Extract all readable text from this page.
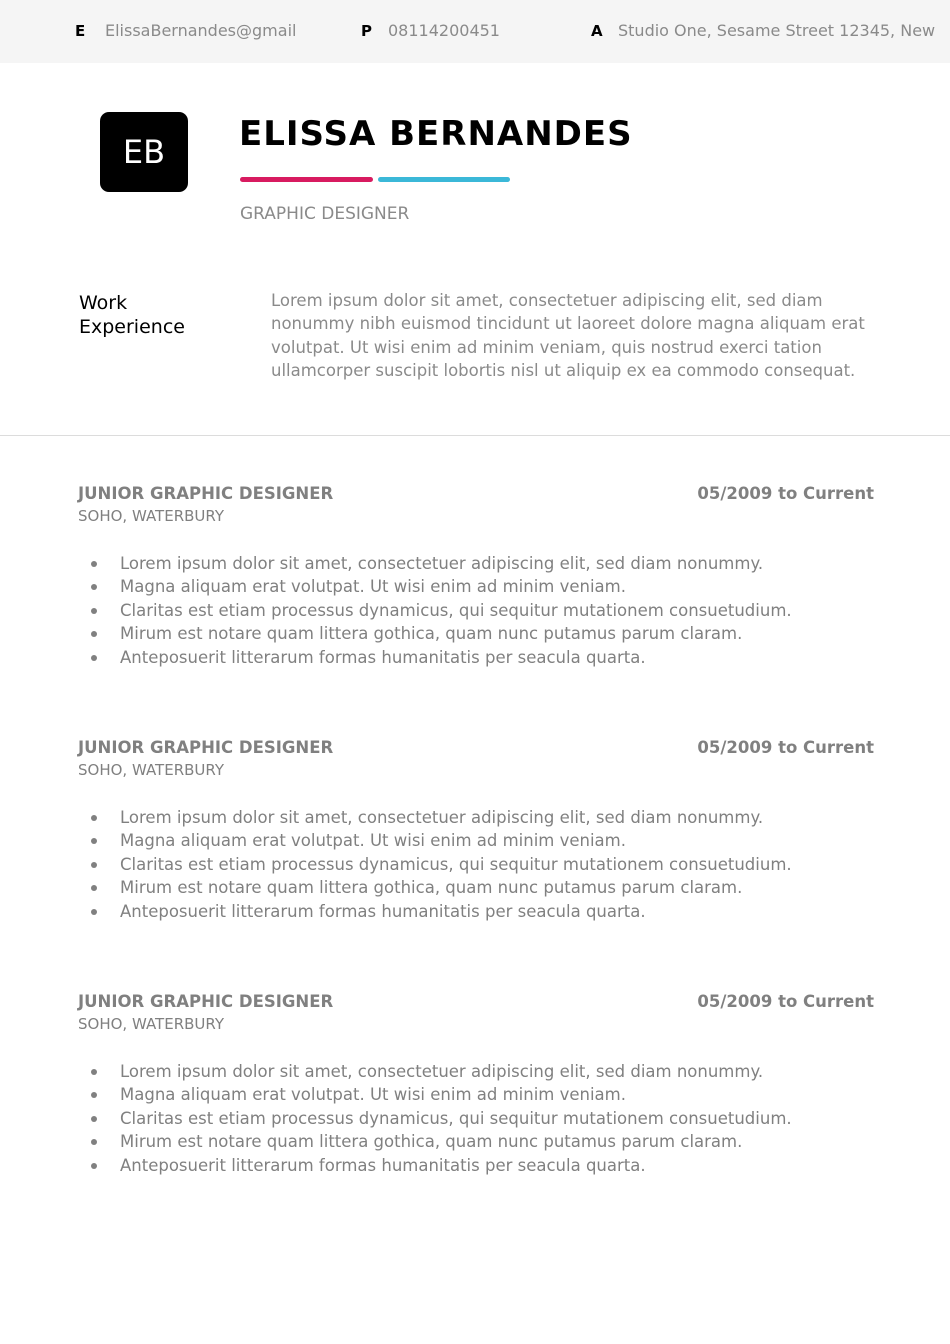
E ElissaBernandes@gmail	P 08114200451	A Studio One, Sesame Street 12345, New
EB	ELISSA BERNANDES
GRAPHIC DESIGNER
Work Experience
Lorem ipsum dolor sit amet, consectetuer adipiscing elit, sed diam nonummy nibh euismod tincidunt ut laoreet dolore magna aliquam erat volutpat. Ut wisi enim ad minim veniam, quis nostrud exerci tation ullamcorper suscipit lobortis nisl ut aliquip ex ea commodo consequat.
JUNIOR GRAPHIC DESIGNER	05/2009 to Current
SOHO, WATERBURY
Lorem ipsum dolor sit amet, consectetuer adipiscing elit, sed diam nonummy.
Magna aliquam erat volutpat. Ut wisi enim ad minim veniam.
Claritas est etiam processus dynamicus, qui sequitur mutationem consuetudium.
Mirum est notare quam littera gothica, quam nunc putamus parum claram.
Anteposuerit litterarum formas humanitatis per seacula quarta.
JUNIOR GRAPHIC DESIGNER	05/2009 to Current
SOHO, WATERBURY
Lorem ipsum dolor sit amet, consectetuer adipiscing elit, sed diam nonummy.
Magna aliquam erat volutpat. Ut wisi enim ad minim veniam.
Claritas est etiam processus dynamicus, qui sequitur mutationem consuetudium.
Mirum est notare quam littera gothica, quam nunc putamus parum claram.
Anteposuerit litterarum formas humanitatis per seacula quarta.
JUNIOR GRAPHIC DESIGNER	05/2009 to Current
SOHO, WATERBURY
Lorem ipsum dolor sit amet, consectetuer adipiscing elit, sed diam nonummy.
Magna aliquam erat volutpat. Ut wisi enim ad minim veniam.
Claritas est etiam processus dynamicus, qui sequitur mutationem consuetudium.
Mirum est notare quam littera gothica, quam nunc putamus parum claram.
Anteposuerit litterarum formas humanitatis per seacula quarta.
